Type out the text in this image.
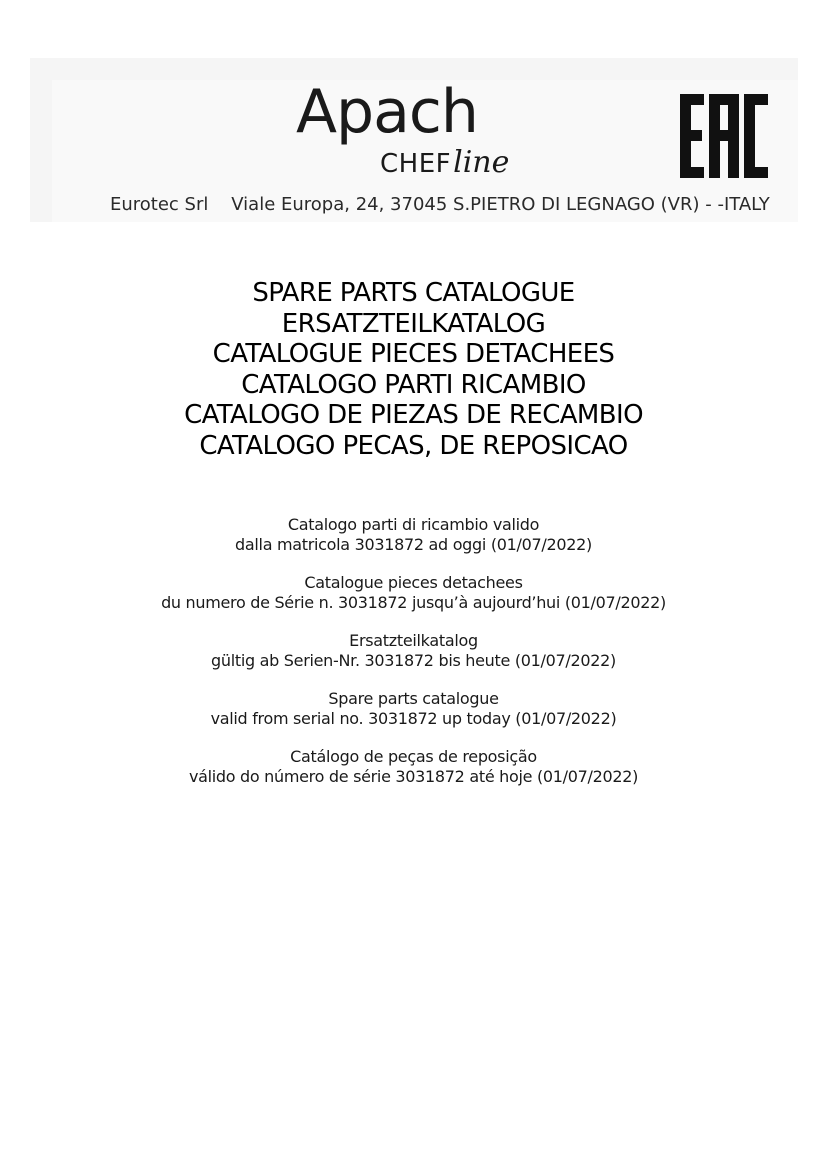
Apach
CHEFline
Eurotec Srl    Viale Europa, 24, 37045 S.PIETRO DI LEGNAGO (VR) - -ITALY
SPARE PARTS CATALOGUE
ERSATZTEILKATALOG
CATALOGUE PIECES DETACHEES
CATALOGO PARTI RICAMBIO
CATALOGO DE PIEZAS DE RECAMBIO
CATALOGO PECAS, DE REPOSICAO
Catalogo parti di ricambio valido
dalla matricola 3031872 ad oggi (01/07/2022)
Catalogue pieces detachees
du numero de Série n. 3031872 jusqu’à aujourd’hui (01/07/2022)
Ersatzteilkatalog
gültig ab Serien-Nr. 3031872 bis heute (01/07/2022)
Spare parts catalogue
valid from serial no. 3031872 up today (01/07/2022)
Catálogo de peças de reposição
válido do número de série 3031872 até hoje (01/07/2022)
